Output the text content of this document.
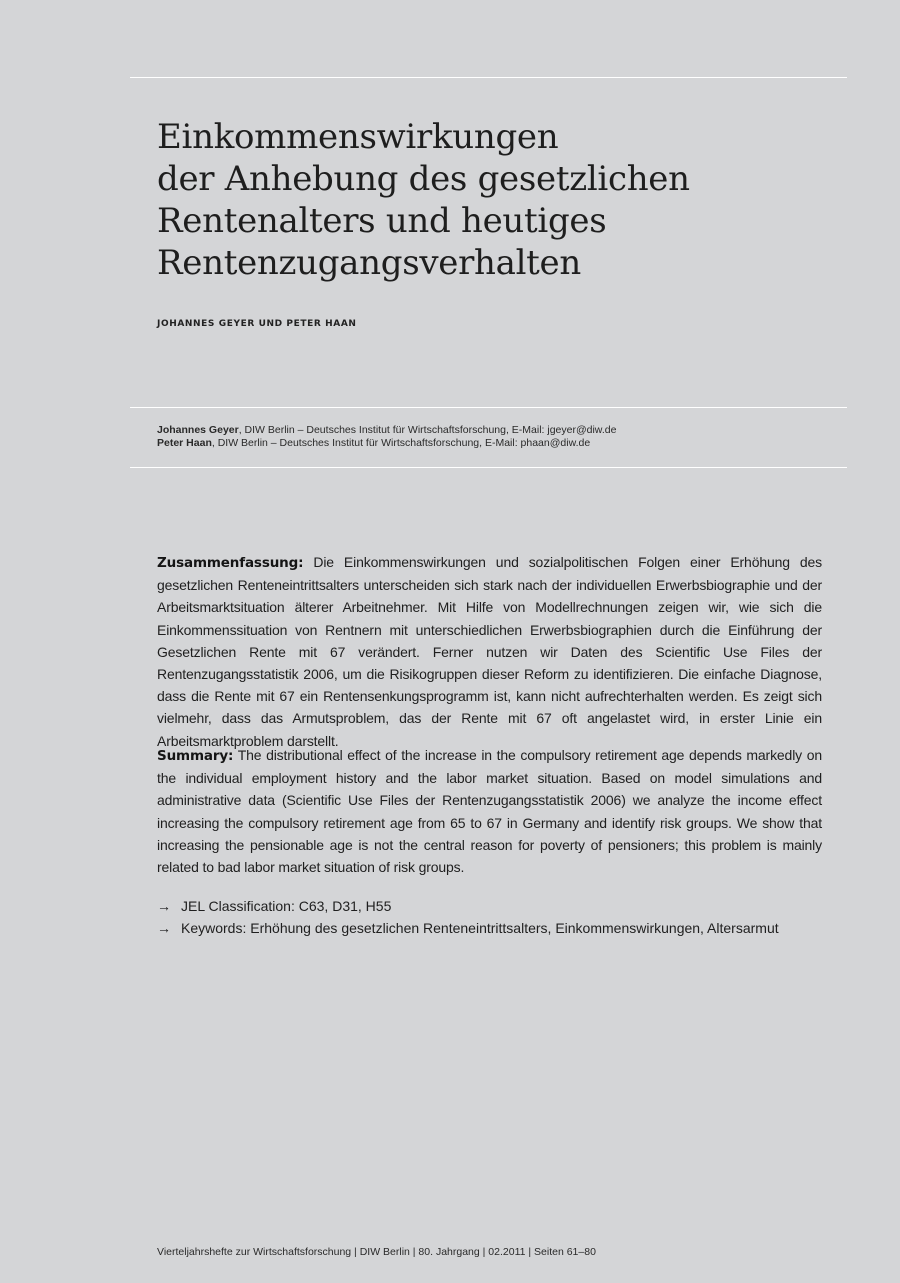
Einkommenswirkungen
der Anhebung des gesetzlichen
Rentenalters und heutiges
Rentenzugangsverhalten
JOHANNES GEYER UND PETER HAAN
Johannes Geyer, DIW Berlin – Deutsches Institut für Wirtschaftsforschung, E-Mail: jgeyer@diw.de
Peter Haan, DIW Berlin – Deutsches Institut für Wirtschaftsforschung, E-Mail: phaan@diw.de

Zusammenfassung: Die Einkommenswirkungen und sozialpolitischen Folgen einer Erhöhung des gesetzlichen Renteneintrittsalters unterscheiden sich stark nach der individuellen Erwerbsbiographie und der Arbeitsmarktsituation älterer Arbeitnehmer. Mit Hilfe von Modellrechnungen zeigen wir, wie sich die Einkommenssituation von Rentnern mit unterschiedlichen Erwerbsbiographien durch die Einführung der Gesetzlichen Rente mit 67 verändert. Ferner nutzen wir Daten des Scientific Use Files der Rentenzugangsstatistik 2006, um die Risikogruppen dieser Reform zu identifizieren. Die einfache Diagnose, dass die Rente mit 67 ein Rentensenkungsprogramm ist, kann nicht aufrechterhalten werden. Es zeigt sich vielmehr, dass das Armutsproblem, das der Rente mit 67 oft angelastet wird, in erster Linie ein Arbeitsmarktproblem darstellt.

Summary: The distributional effect of the increase in the compulsory retirement age depends markedly on the individual employment history and the labor market situation. Based on model simulations and administrative data (Scientific Use Files der Rentenzugangsstatistik 2006) we analyze the income effect increasing the compulsory retirement age from 65 to 67 in Germany and identify risk groups. We show that increasing the pensionable age is not the central reason for poverty of pensioners; this problem is mainly related to bad labor market situation of risk groups.

→ JEL Classification: C63, D31, H55
→ Keywords: Erhöhung des gesetzlichen Renteneintrittsalters, Einkommenswirkungen, Altersarmut
Vierteljahrshefte zur Wirtschaftsforschung | DIW Berlin | 80. Jahrgang | 02.2011 | Seiten 61–80
